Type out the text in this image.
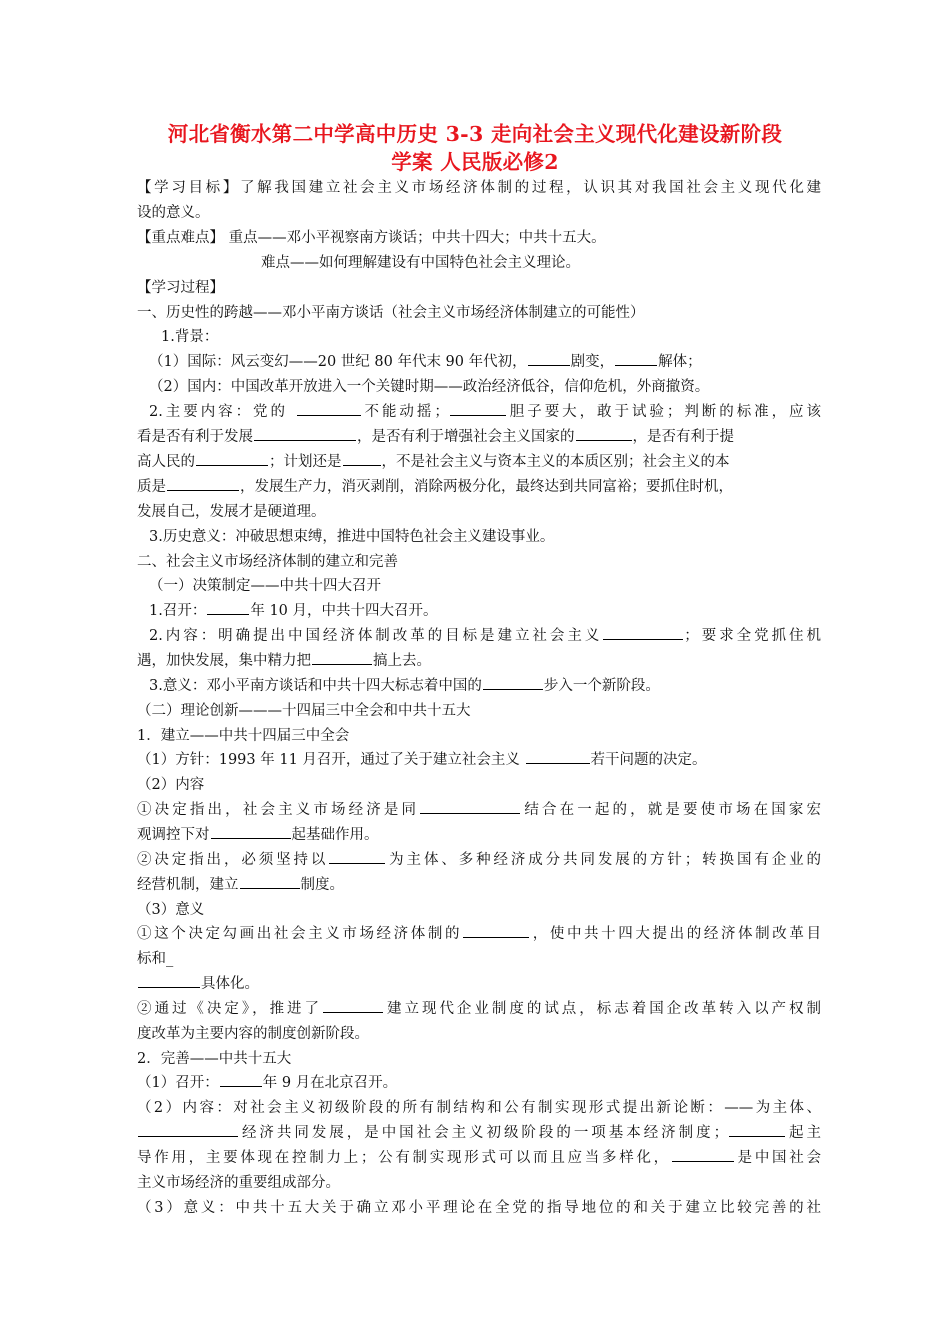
河北省衡水第二中学高中历史 3-3 走向社会主义现代化建设新阶段
学案 人民版必修2
【学习目标】了解我国建立社会主义市场经济体制的过程，认识其对我国社会主义现代化建
设的意义。
【重点难点】 重点——邓小平视察南方谈话；中共十四大；中共十五大。
难点——如何理解建设有中国特色社会主义理论。
【学习过程】
一、历史性的跨越——邓小平南方谈话（社会主义市场经济体制建立的可能性）
1.背景：
（1）国际：风云变幻——20 世纪 80 年代末 90 年代初，	剧变，	解体；
（2）国内：中国改革开放进入一个关键时期——政治经济低谷，信仰危机，外商撤资。
2.主要内容：党的	不能动摇；	胆子要大，敢于试验；判断的标准，应该
看是否有利于发展	，是否有利于增强社会主义国家的	，是否有利于提
高人民的	；计划还是	，不是社会主义与资本主义的本质区别；社会主义的本
质是	，发展生产力，消灭剥削，消除两极分化，最终达到共同富裕；要抓住时机，
发展自己，发展才是硬道理。
3.历史意义：冲破思想束缚，推进中国特色社会主义建设事业。
二、社会主义市场经济体制的建立和完善
（一）决策制定——中共十四大召开
1.召开：	年 10 月，中共十四大召开。
2.内容：明确提出中国经济体制改革的目标是建立社会主义	；要求全党抓住机
遇，加快发展，集中精力把	搞上去。
3.意义：邓小平南方谈话和中共十四大标志着中国的	步入一个新阶段。
（二）理论创新———十四届三中全会和中共十五大
1．建立——中共十四届三中全会
（1）方针：1993 年 11 月召开，通过了关于建立社会主义	若干问题的决定。
（2）内容
①决定指出，社会主义市场经济是同	结合在一起的，就是要使市场在国家宏
观调控下对	起基础作用。
②决定指出，必须坚持以	为主体、多种经济成分共同发展的方针；转换国有企业的
经营机制，建立	制度。
（3）意义
①这个决定勾画出社会主义市场经济体制的	，使中共十四大提出的经济体制改革目
标和_
具体化。
②通过《决定》，推进了	建立现代企业制度的试点，标志着国企改革转入以产权制
度改革为主要内容的制度创新阶段。
2．完善——中共十五大
（1）召开：	年 9 月在北京召开。
（2）内容：对社会主义初级阶段的所有制结构和公有制实现形式提出新论断：——为主体、
经济共同发展，是中国社会主义初级阶段的一项基本经济制度；	起主
导作用，主要体现在控制力上；公有制实现形式可以而且应当多样化，	是中国社会
主义市场经济的重要组成部分。
（3）意义：中共十五大关于确立邓小平理论在全党的指导地位的和关于建立比较完善的社
